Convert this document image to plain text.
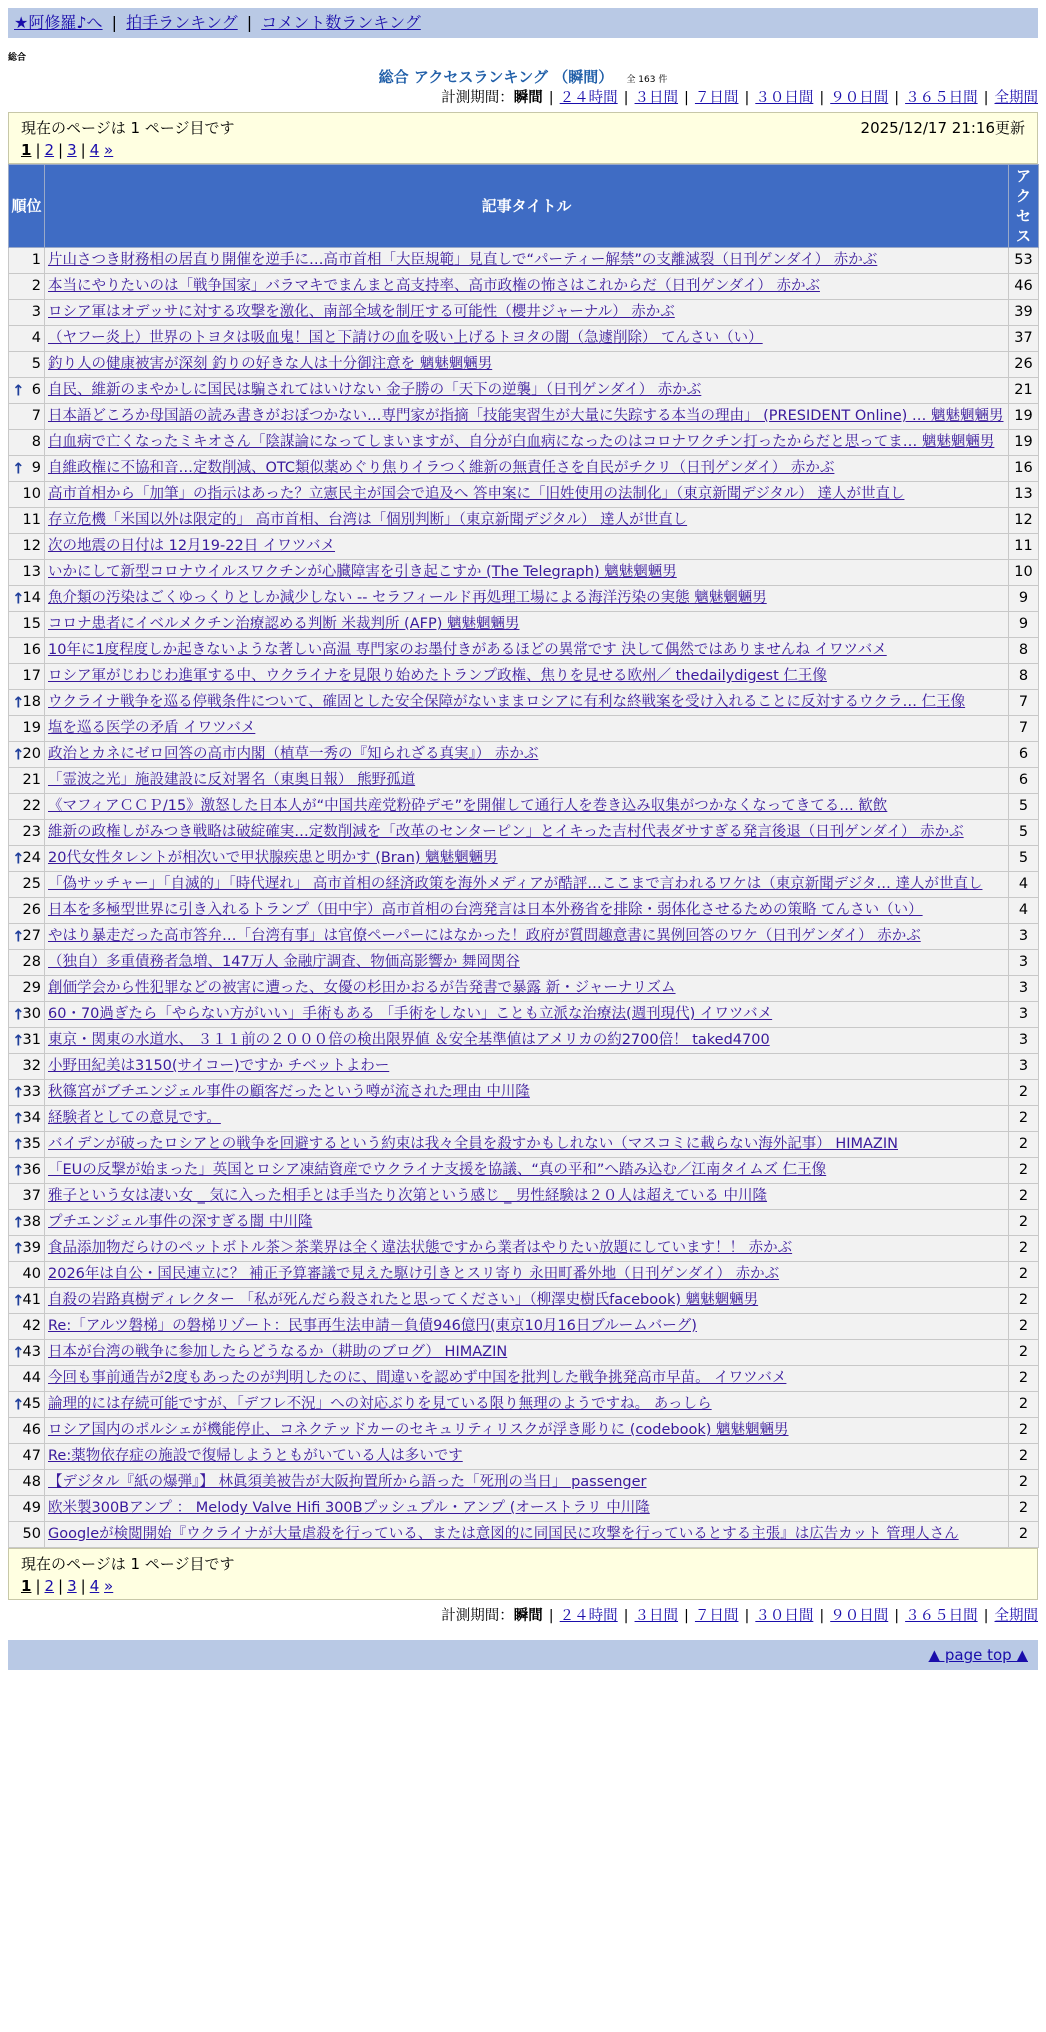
★阿修羅♪へ | 拍手ランキング | コメント数ランキング
総合
総合 アクセスランキング （瞬間） 全 163 件
計測期間：瞬間 | ２４時間 | ３日間 | ７日間 | ３０日間 | ９０日間 | ３６５日間 | 全期間
現在のページは 1 ページ目です	2025/12/17 21:16更新
1 | 2 | 3 | 4 »
順位	記事タイトル	アクセス
1	片山さつき財務相の居直り開催を逆手に…高市首相「大臣規範」見直しで“パーティー解禁”の支離滅裂（日刊ゲンダイ） 赤かぶ	53
2	本当にやりたいのは「戦争国家」バラマキでまんまと高支持率、高市政権の怖さはこれからだ（日刊ゲンダイ） 赤かぶ	46
3	ロシア軍はオデッサに対する攻撃を激化、南部全域を制圧する可能性（櫻井ジャーナル） 赤かぶ	39
4	（ヤフー炎上）世界のトヨタは吸血鬼！国と下請けの血を吸い上げるトヨタの闇（急遽削除） てんさい（い）	37
5	釣り人の健康被害が深刻 釣りの好きな人は十分御注意を 魑魅魍魎男	26

↑ 6	自民、維新のまやかしに国民は騙されてはいけない 金子勝の「天下の逆襲」（日刊ゲンダイ） 赤かぶ	21
7	日本語どころか母国語の読み書きがおぼつかない…専門家が指摘「技能実習生が大量に失踪する本当の理由」 (PRESIDENT Online) … 魑魅魍魎男	19
8	白血病で亡くなったミキオさん「陰謀論になってしまいますが、自分が白血病になったのはコロナワクチン打ったからだと思ってま… 魑魅魍魎男	19

↑ 9	自維政権に不協和音…定数削減、OTC類似薬めぐり焦りイラつく維新の無責任さを自民がチクリ（日刊ゲンダイ） 赤かぶ	16
10	高市首相から「加筆」の指示はあった？立憲民主が国会で追及へ 答申案に「旧姓使用の法制化」（東京新聞デジタル） 達人が世直し	13
11	存立危機「米国以外は限定的」 高市首相、台湾は「個別判断」（東京新聞デジタル） 達人が世直し	12
12	次の地震の日付は 12月19-22日 イワツバメ	11
13	いかにして新型コロナウイルスワクチンが心臓障害を引き起こすか (The Telegraph) 魑魅魍魎男	10

↑
14	魚介類の汚染はごくゆっくりとしか減少しない -- セラフィールド再処理工場による海洋汚染の実態 魑魅魍魎男	9
15	コロナ患者にイベルメクチン治療認める判断 米裁判所 (AFP) 魑魅魍魎男	9
16	10年に1度程度しか起きないような著しい高温 専門家のお墨付きがあるほどの異常です 決して偶然ではありませんね イワツバメ	8
17	ロシア軍がじわじわ進軍する中、ウクライナを見限り始めたトランプ政権、焦りを見せる欧州／ thedailydigest 仁王像	8

↑
18	ウクライナ戦争を巡る停戦条件について、確固とした安全保障がないままロシアに有利な終戦案を受け入れることに反対するウクラ… 仁王像	7
19	塩を巡る医学の矛盾 イワツバメ	7

↑
20	政治とカネにゼロ回答の高市内閣（植草一秀の『知られざる真実』） 赤かぶ	6
21	「霊波之光」施設建設に反対署名（東奥日報） 熊野孤道	6
22	《マフィアＣＣＰ/15》激怒した日本人が“中国共産党粉砕デモ”を開催して通行人を巻き込み収集がつかなくなってきてる… 歓飲	5
23	維新の政権しがみつき戦略は破綻確実…定数削減を「改革のセンターピン」とイキった吉村代表ダサすぎる発言後退（日刊ゲンダイ） 赤かぶ	5

↑
24	20代女性タレントが相次いで甲状腺疾患と明かす (Bran) 魑魅魍魎男	5
25	「偽サッチャー」「自滅的」「時代遅れ」 高市首相の経済政策を海外メディアが酷評…ここまで言われるワケは（東京新聞デジタ… 達人が世直し	4
26	日本を多極型世界に引き入れるトランプ（田中宇）高市首相の台湾発言は日本外務省を排除・弱体化させるための策略 てんさい（い）	4

↑
27	やはり暴走だった高市答弁…「台湾有事」は官僚ペーパーにはなかった！政府が質問趣意書に異例回答のワケ（日刊ゲンダイ） 赤かぶ	3
28	（独自）多重債務者急増、147万人 金融庁調査、物価高影響か 舞岡関谷	3
29	創価学会から性犯罪などの被害に遭った、女優の杉田かおるが告発書で暴露 新・ジャーナリズム	3

↑
30	60・70過ぎたら「やらない方がいい」手術もある 「手術をしない」ことも立派な治療法(週刊現代) イワツバメ	3

↑
31	東京・関東の水道水、 ３１１前の２０００倍の検出限界値 ＆安全基準値はアメリカの約2700倍！ taked4700	3
32	小野田紀美は3150(サイコー)ですか チベットよわー	3

↑
33	秋篠宮がブチエンジェル事件の顧客だったという噂が流された理由 中川隆	2

↑
34	経験者としての意見です。	2

↑
35	バイデンが破ったロシアとの戦争を回避するという約束は我々全員を殺すかもしれない（マスコミに載らない海外記事） HIMAZIN	2

↑
36	「EUの反撃が始まった」英国とロシア凍結資産でウクライナ支援を協議、“真の平和”へ踏み込む／江南タイムズ 仁王像	2
37	雅子という女は凄い女 _ 気に入った相手とは手当たり次第という感じ _ 男性経験は２０人は超えている 中川隆	2

↑
38	プチエンジェル事件の深すぎる闇 中川隆	2

↑
39	食品添加物だらけのペットボトル茶＞茶業界は全く違法状態ですから業者はやりたい放題にしています！！ 赤かぶ	2
40	2026年は自公・国民連立に？ 補正予算審議で見えた駆け引きとスリ寄り 永田町番外地（日刊ゲンダイ） 赤かぶ	2

↑
41	自殺の岩路真樹ディレクター 「私が死んだら殺されたと思ってください」（柳澤史樹氏facebook) 魑魅魍魎男	2
42	Re:「アルツ磐梯」の磐梯リゾート：民事再生法申請－負債946億円(東京10月16日ブルームバーグ)	2

↑
43	日本が台湾の戦争に参加したらどうなるか（耕助のブログ） HIMAZIN	2
44	今回も事前通告が2度もあったのが判明したのに、間違いを認めず中国を批判した戦争挑発高市早苗。 イワツバメ	2

↑
45	論理的には存続可能ですが、「デフレ不況」への対応ぶりを見ている限り無理のようですね。 あっしら	2
46	ロシア国内のポルシェが機能停止、コネクテッドカーのセキュリティリスクが浮き彫りに (codebook) 魑魅魍魎男	2
47	Re:薬物依存症の施設で復帰しようともがいている人は多いです	2
48	【デジタル『紙の爆弾』】 林眞須美被告が大阪拘置所から語った「死刑の当日」 passenger	2
49	欧米製300Bアンプ ： Melody Valve Hifi 300Bプッシュプル・アンプ (オーストラリ 中川隆	2
50	Googleが検閲開始『ウクライナが大量虐殺を行っている、または意図的に同国民に攻撃を行っているとする主張』は広告カット 管理人さん	2
現在のページは 1 ページ目です
1 | 2 | 3 | 4 »
計測期間：瞬間 | ２４時間 | ３日間 | ７日間 | ３０日間 | ９０日間 | ３６５日間 | 全期間
▲ page top ▲
